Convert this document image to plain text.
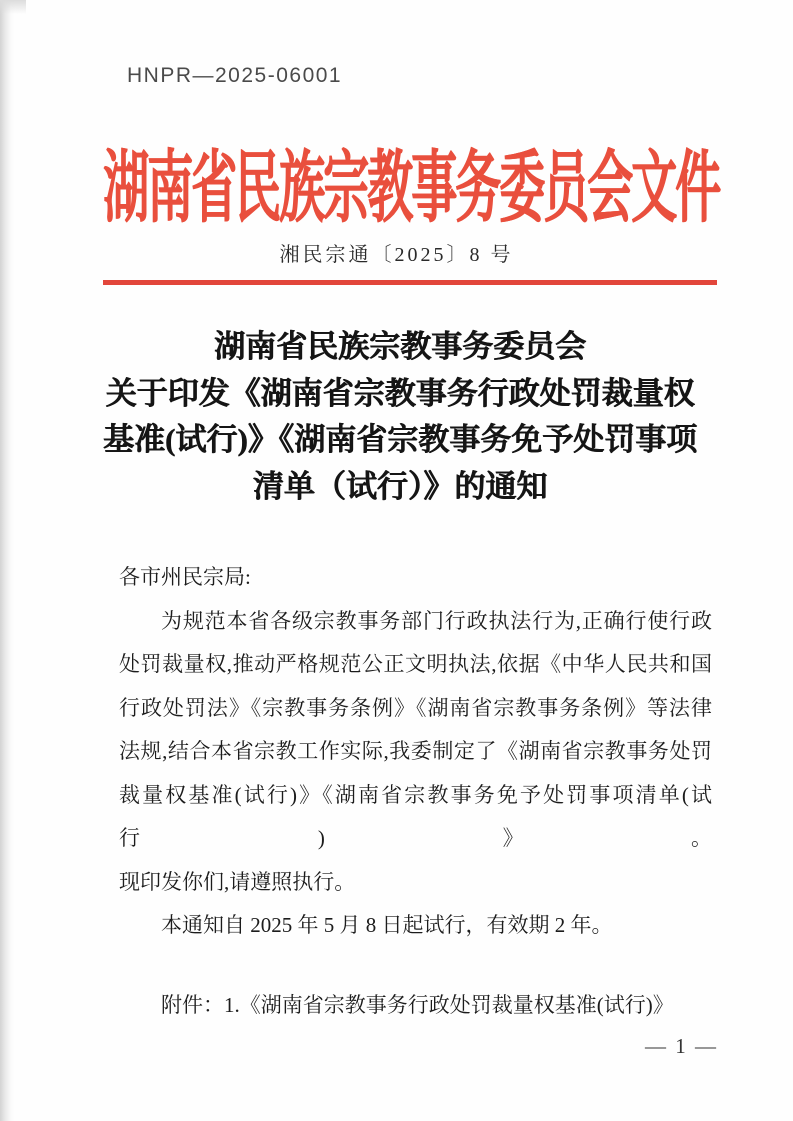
HNPR—2025-06001
湖南省民族宗教事务委员会文件
湘民宗通〔2025〕8 号
湖南省民族宗教事务委员会
关于印发《湖南省宗教事务行政处罚裁量权
基准(试行)》《湖南省宗教事务免予处罚事项
清单（试行）》的通知
各市州民宗局:
为规范本省各级宗教事务部门行政执法行为,正确行使行政
处罚裁量权,推动严格规范公正文明执法,依据《中华人民共和国
行政处罚法》《宗教事务条例》《湖南省宗教事务条例》等法律
法规,结合本省宗教工作实际,我委制定了《湖南省宗教事务处罚
裁量权基准(试行)》《湖南省宗教事务免予处罚事项清单(试行)》。
现印发你们,请遵照执行。
本通知自 2025 年 5 月 8 日起试行，有效期 2 年。
附件：1.《湖南省宗教事务行政处罚裁量权基准(试行)》
— 1 —
